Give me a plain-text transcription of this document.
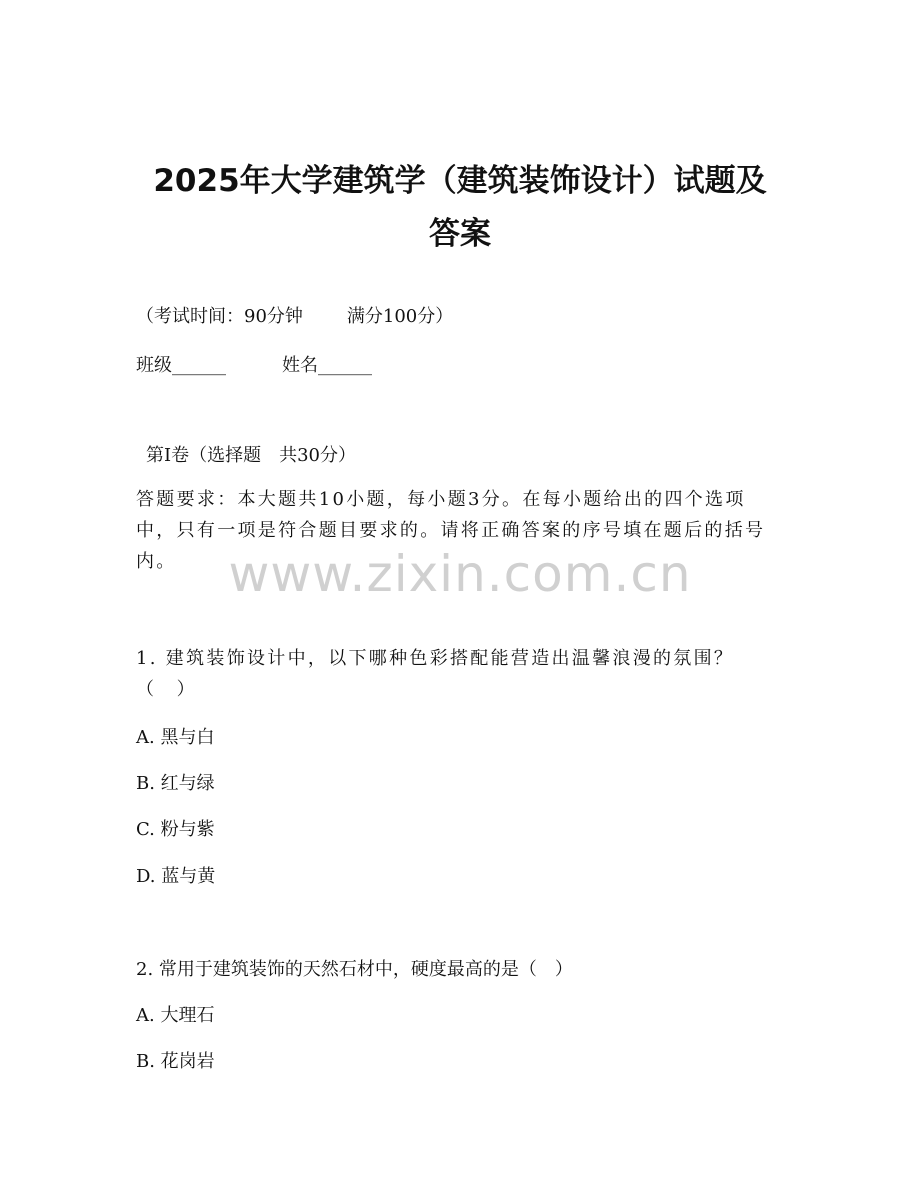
2025年大学建筑学（建筑装饰设计）试题及
答案
（考试时间：90分钟 满分100分）
班级______	姓名______
第Ⅰ卷（选择题　共30分）
答题要求：本大题共10小题，每小题3分。在每小题给出的四个选项中，只有一项是符合题目要求的。请将正确答案的序号填在题后的括号内。	www.zixin.com.cn
1. 建筑装饰设计中，以下哪种色彩搭配能营造出温馨浪漫的氛围？（　）
A. 黑与白
B. 红与绿
C. 粉与紫
D. 蓝与黄
2. 常用于建筑装饰的天然石材中，硬度最高的是（　）
A. 大理石
B. 花岗岩
